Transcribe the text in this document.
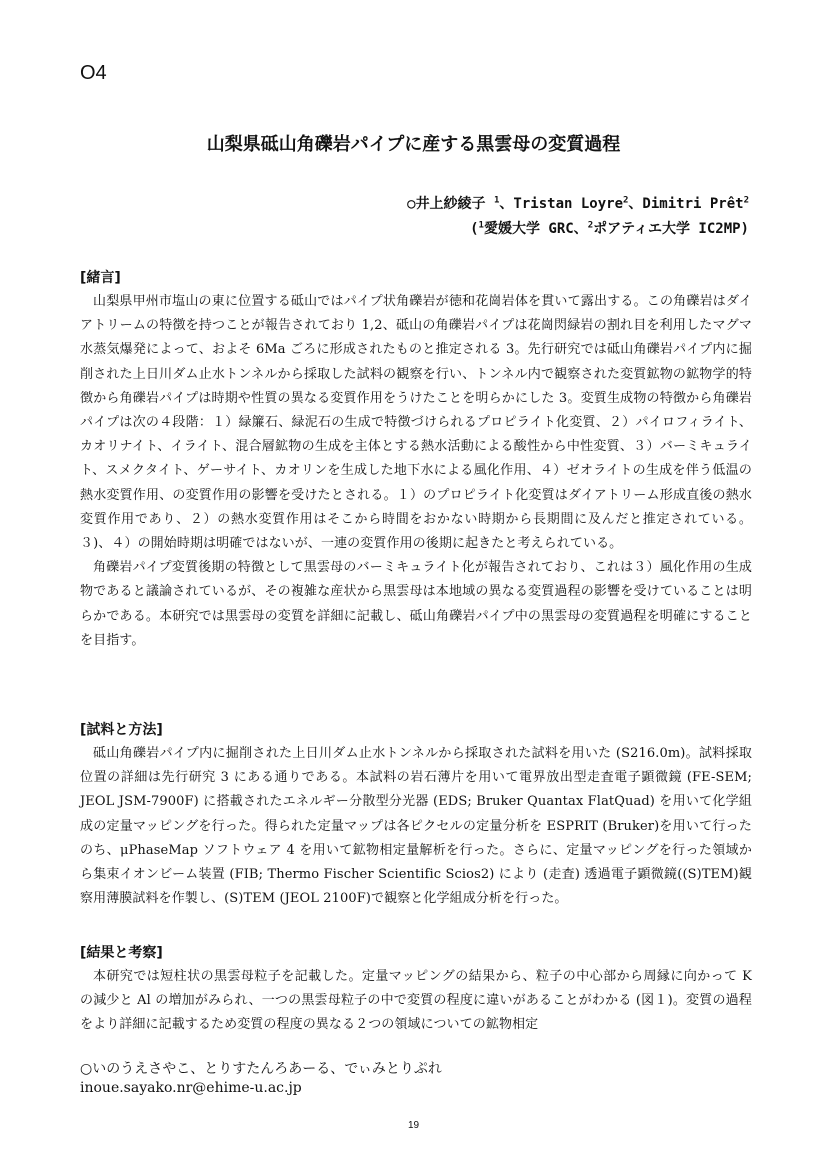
O4
山梨県砥山角礫岩パイプに産する黒雲母の変質過程
○井上紗綾子 $^1$、Tristan Loyre$^2$、Dimitri Prêt$^2$
($^1$愛媛大学 GRC、$^2$ポアティエ大学 IC2MP)
[緒言]

山梨県甲州市塩山の東に位置する砥山ではパイプ状角礫岩が徳和花崗岩体を貫いて露出する。この角礫岩はダイアトリームの特徴を持つことが報告されており 1,2、砥山の角礫岩パイプは花崗閃緑岩の割れ目を利用したマグマ水蒸気爆発によって、およそ 6Ma ごろに形成されたものと推定される 3。先行研究では砥山角礫岩パイプ内に掘削された上日川ダム止水トンネルから採取した試料の観察を行い、トンネル内で観察された変質鉱物の鉱物学的特徴から角礫岩パイプは時期や性質の異なる変質作用をうけたことを明らかにした 3。変質生成物の特徴から角礫岩パイプは次の４段階：１）緑簾石、緑泥石の生成で特徴づけられるプロピライト化変質、２）パイロフィライト、カオリナイト、イライト、混合層鉱物の生成を主体とする熱水活動による酸性から中性変質、３）バーミキュライト、スメクタイト、ゲーサイト、カオリンを生成した地下水による風化作用、４）ゼオライトの生成を伴う低温の熱水変質作用、の変質作用の影響を受けたとされる。１）のプロピライト化変質はダイアトリーム形成直後の熱水変質作用であり、２）の熱水変質作用はそこから時間をおかない時期から長期間に及んだと推定されている。３)、４）の開始時期は明確ではないが、一連の変質作用の後期に起きたと考えられている。

角礫岩パイプ変質後期の特徴として黒雲母のバーミキュライト化が報告されており、これは３）風化作用の生成物であると議論されているが、その複雑な産状から黒雲母は本地域の異なる変質過程の影響を受けていることは明らかである。本研究では黒雲母の変質を詳細に記載し、砥山角礫岩パイプ中の黒雲母の変質過程を明確にすることを目指す。

[試料と方法]

砥山角礫岩パイプ内に掘削された上日川ダム止水トンネルから採取された試料を用いた (S216.0m)。試料採取位置の詳細は先行研究 3 にある通りである。本試料の岩石薄片を用いて電界放出型走査電子顕微鏡 (FE-SEM; JEOL JSM-7900F) に搭載されたエネルギー分散型分光器 (EDS; Bruker Quantax FlatQuad) を用いて化学組成の定量マッピングを行った。得られた定量マップは各ピクセルの定量分析を ESPRIT (Bruker)を用いて行ったのち、μPhaseMap ソフトウェア 4 を用いて鉱物相定量解析を行った。さらに、定量マッピングを行った領域から集束イオンビーム装置 (FIB; Thermo Fischer Scientific Scios2) により (走査) 透過電子顕微鏡((S)TEM)観察用薄膜試料を作製し、(S)TEM (JEOL 2100F)で観察と化学組成分析を行った。

[結果と考察]

本研究では短柱状の黒雲母粒子を記載した。定量マッピングの結果から、粒子の中心部から周縁に向かって K の減少と Al の増加がみられ、一つの黒雲母粒子の中で変質の程度に違いがあることがわかる (図１)。変質の過程をより詳細に記載するため変質の程度の異なる２つの領域についての鉱物相定

○いのうえさやこ、とりすたんろあーる、でぃみとりぷれ
inoue.sayako.nr@ehime-u.ac.jp
19
